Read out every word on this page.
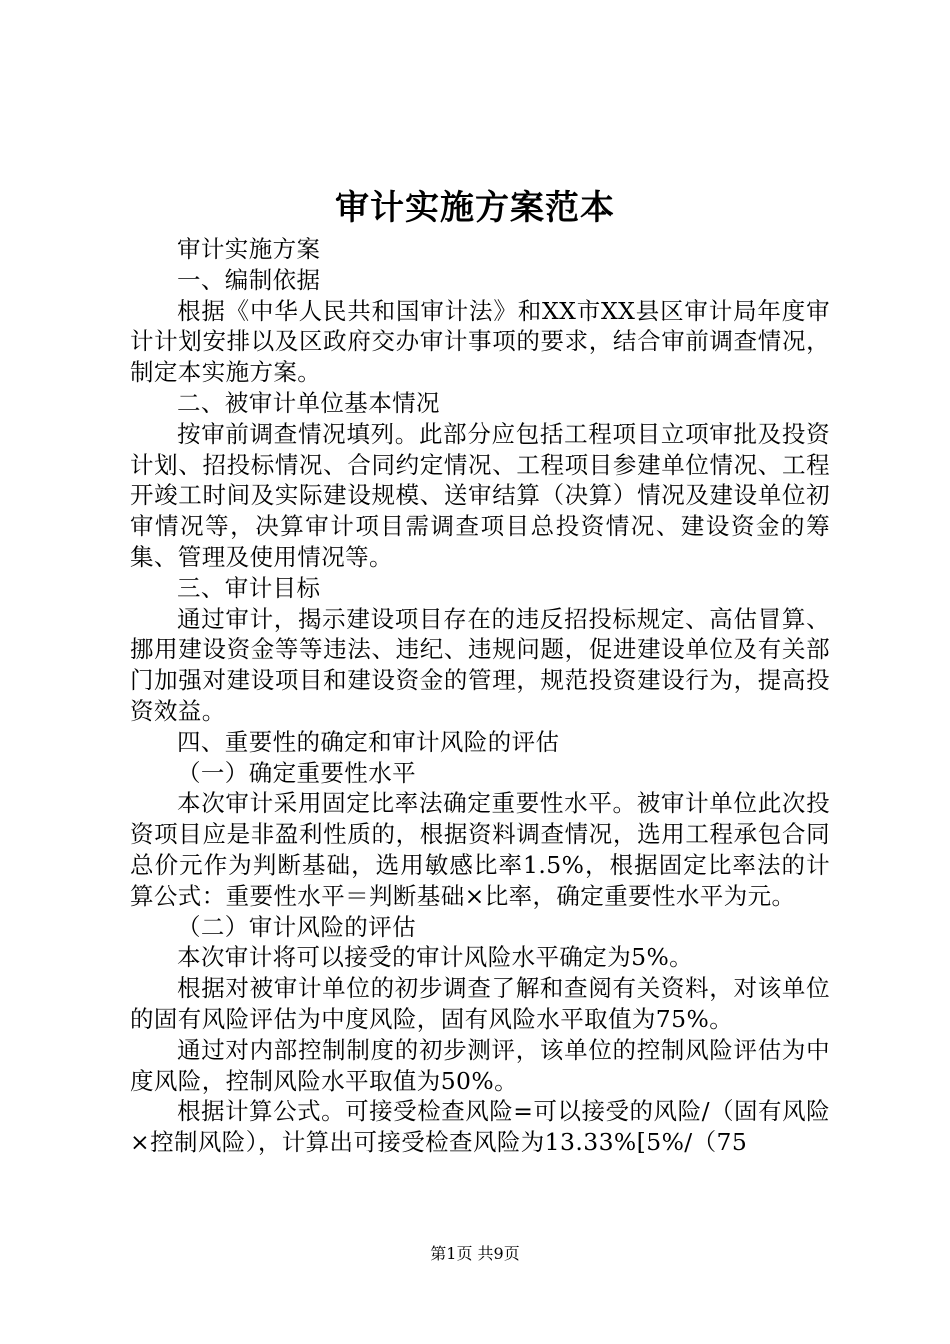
审计实施方案范本

审计实施方案

一、编制依据

根据《中华人民共和国审计法》和XX市XX县区审计局年度审计计划安排以及区政府交办审计事项的要求，结合审前调查情况，制定本实施方案。

二、被审计单位基本情况

按审前调查情况填列。此部分应包括工程项目立项审批及投资计划、招投标情况、合同约定情况、工程项目参建单位情况、工程开竣工时间及实际建设规模、送审结算（决算）情况及建设单位初审情况等，决算审计项目需调查项目总投资情况、建设资金的筹集、管理及使用情况等。

三、审计目标

通过审计，揭示建设项目存在的违反招投标规定、高估冒算、挪用建设资金等等违法、违纪、违规问题，促进建设单位及有关部门加强对建设项目和建设资金的管理，规范投资建设行为，提高投资效益。

四、重要性的确定和审计风险的评估

（一）确定重要性水平

本次审计采用固定比率法确定重要性水平。被审计单位此次投资项目应是非盈利性质的，根据资料调查情况，选用工程承包合同总价元作为判断基础，选用敏感比率1.5%，根据固定比率法的计算公式：重要性水平＝判断基础×比率，确定重要性水平为元。

（二）审计风险的评估

本次审计将可以接受的审计风险水平确定为5%。

根据对被审计单位的初步调查了解和查阅有关资料，对该单位的固有风险评估为中度风险，固有风险水平取值为75%。

通过对内部控制制度的初步测评，该单位的控制风险评估为中度风险，控制风险水平取值为50%。

根据计算公式。可接受检查风险=可以接受的风险/（固有风险×控制风险），计算出可接受检查风险为13.33%[5%/（75

第1页 共9页
